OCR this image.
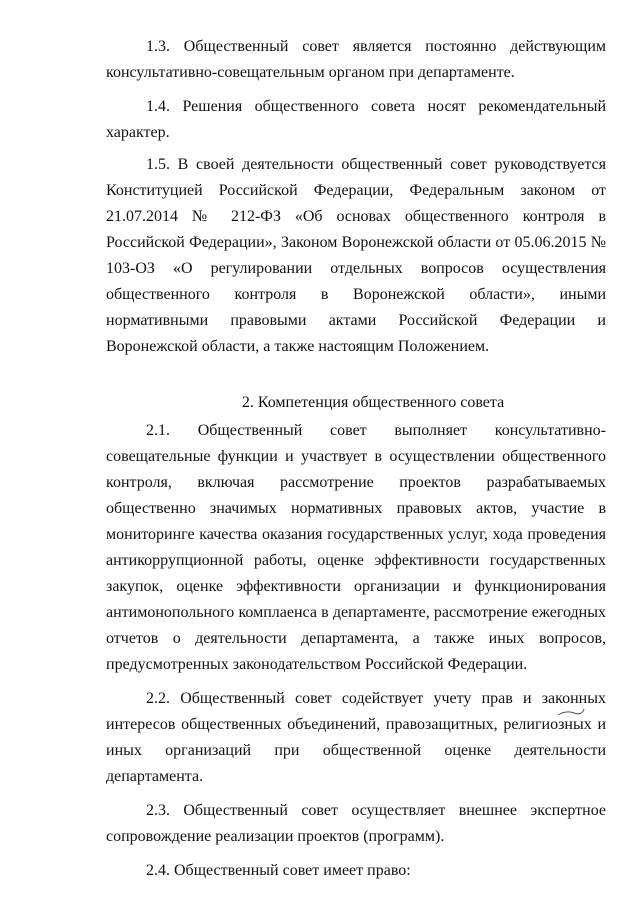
1.3. Общественный совет является постоянно действующим консультативно-совещательным органом при департаменте.

1.4. Решения общественного совета носят рекомендательный характер.

1.5. В своей деятельности общественный совет руководствуется Конституцией Российской Федерации, Федеральным законом от 21.07.2014 № 212-ФЗ «Об основах общественного контроля в Российской Федерации», Законом Воронежской области от 05.06.2015 № 103-ОЗ «О регулировании отдельных вопросов осуществления общественного контроля в Воронежской области», иными нормативными правовыми актами Российской Федерации и Воронежской области, а также настоящим Положением.

2. Компетенция общественного совета

2.1. Общественный совет выполняет консультативно-совещательные функции и участвует в осуществлении общественного контроля, включая рассмотрение проектов разрабатываемых общественно значимых нормативных правовых актов, участие в мониторинге качества оказания государственных услуг, хода проведения антикоррупционной работы, оценке эффективности государственных закупок, оценке эффективности организации и функционирования антимонопольного комплаенса в департаменте, рассмотрение ежегодных отчетов о деятельности департамента, а также иных вопросов, предусмотренных законодательством Российской Федерации.

2.2. Общественный совет содействует учету прав и законных интересов общественных объединений, правозащитных, религиозных и иных организаций при общественной оценке деятельности департамента.

2.3. Общественный совет осуществляет внешнее экспертное сопровождение реализации проектов (программ).

2.4. Общественный совет имеет право:
